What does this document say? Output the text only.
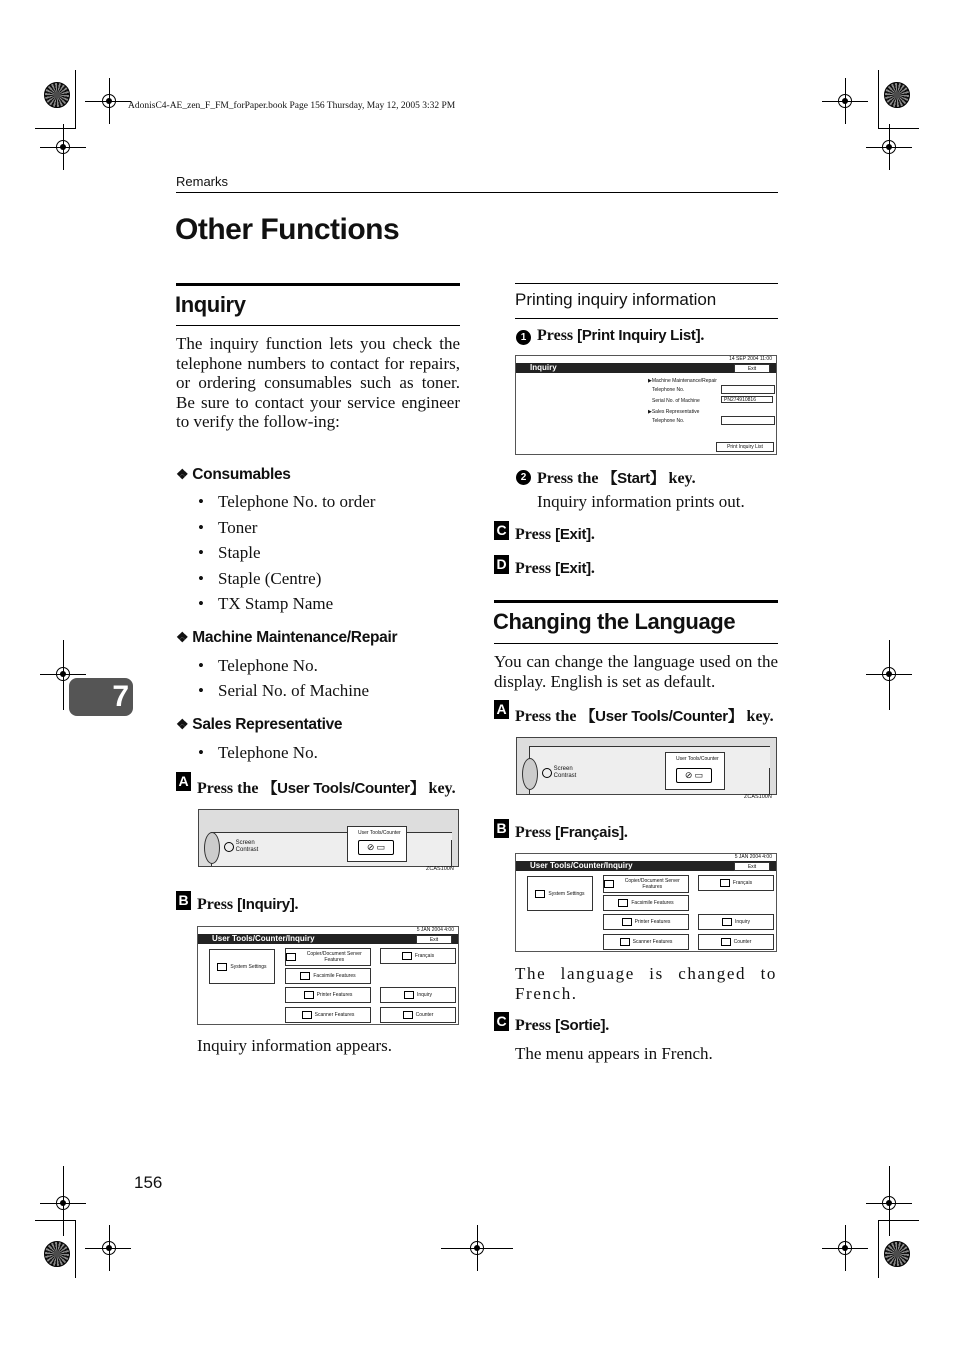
AdonisC4-AE_zen_F_FM_forPaper.book Page 156 Thursday, May 12, 2005 3:32 PM
Remarks
Other Functions
7
Inquiry
The inquiry function lets you check the telephone numbers to contact for repairs, or ordering consumables such as toner. Be sure to contact your service engineer to verify the follow-ing:
❖ Consumables
• Telephone No. to order
• Toner
• Staple
• Staple (Centre)
• TX Stamp Name
❖ Machine Maintenance/Repair
• Telephone No.
• Serial No. of Machine
❖ Sales Representative
• Telephone No.
A Press the 【User Tools/Counter】 key.
Screen
Contrast
User Tools/Counter
⊘ ▭
ZCAS100N
B Press [Inquiry].
5 JAN 2004 4:00
User Tools/Counter/Inquiry	Exit
System Settings
Copier/Document Server Features
Facsimile Features
Printer Features
Scanner Features
Français
Inquiry
Counter
Inquiry information appears.
Printing inquiry information
1 Press [Print Inquiry List].
14 SEP 2004 11:00
Inquiry	Exit
▶Machine Maintenance/Repair
Telephone No.
Serial No. of Machine	PN274910816
▶Sales Representative
Telephone No.
Print Inquiry List
2 Press the 【Start】 key.
Inquiry information prints out.
C Press [Exit].
D Press [Exit].
Changing the Language
You can change the language used on the display. English is set as default.
A Press the 【User Tools/Counter】 key.
Screen
Contrast
User Tools/Counter
⊘ ▭
ZCAS100N
B Press [Français].
5 JAN 2004 4:00
User Tools/Counter/Inquiry	Exit
System Settings
Copier/Document Server Features
Facsimile Features
Printer Features
Scanner Features
Français
Inquiry
Counter
The language is changed to French.
C Press [Sortie].
The menu appears in French.
156
